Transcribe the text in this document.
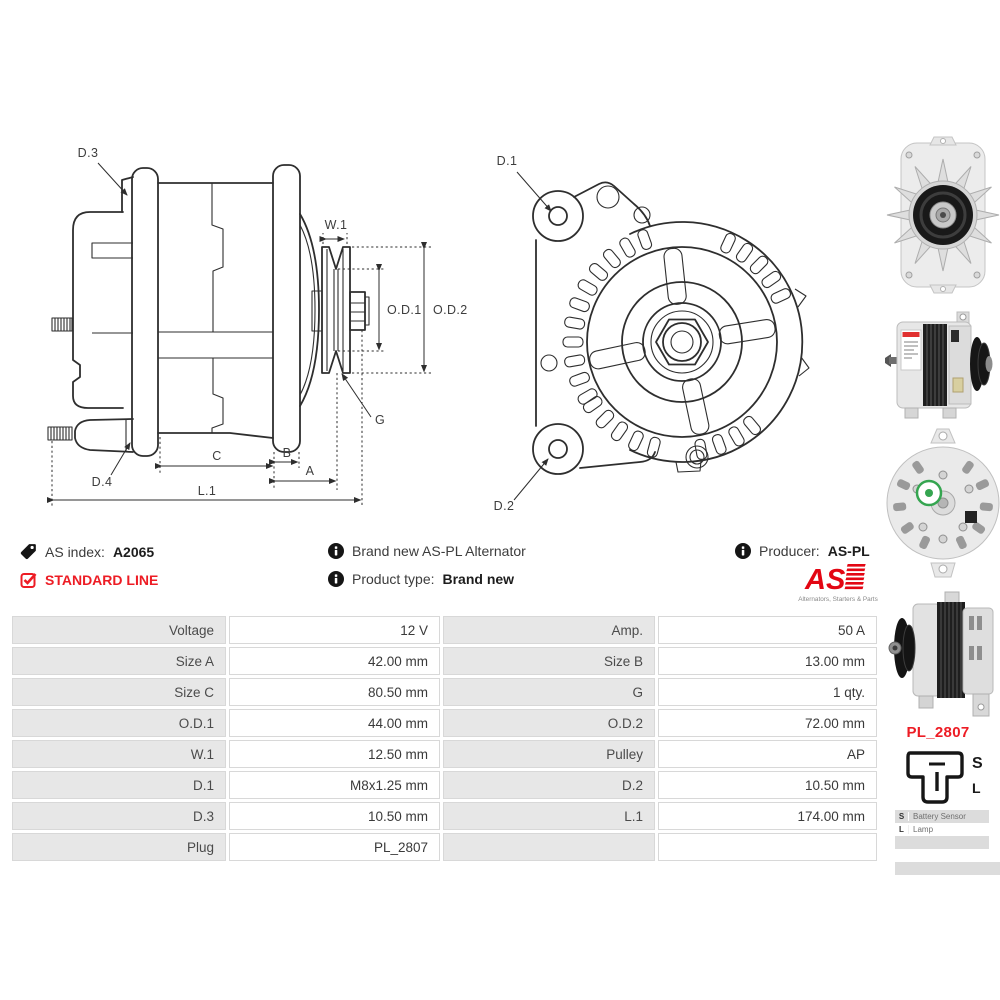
D.3
D.4
W.1
O.D.1 O.D.2
G
C	B
A
L.1
D.1
D.2
AS index: A2065
STANDARD LINE
Brand new AS-PL Alternator
Product type: Brand new
Producer: AS-PL
AS
Alternators, Starters & Parts
Voltage	12 V	Amp.	50 A
Size A	42.00 mm	Size B	13.00 mm
Size C	80.50 mm	G	1 qty.
O.D.1	44.00 mm	O.D.2	72.00 mm
W.1	12.50 mm	Pulley	AP
D.1	M8x1.25 mm	D.2	10.50 mm
D.3	10.50 mm	L.1	174.00 mm
Plug	PL_2807
PL_2807
S
L
S	Battery Sensor
L	Lamp
